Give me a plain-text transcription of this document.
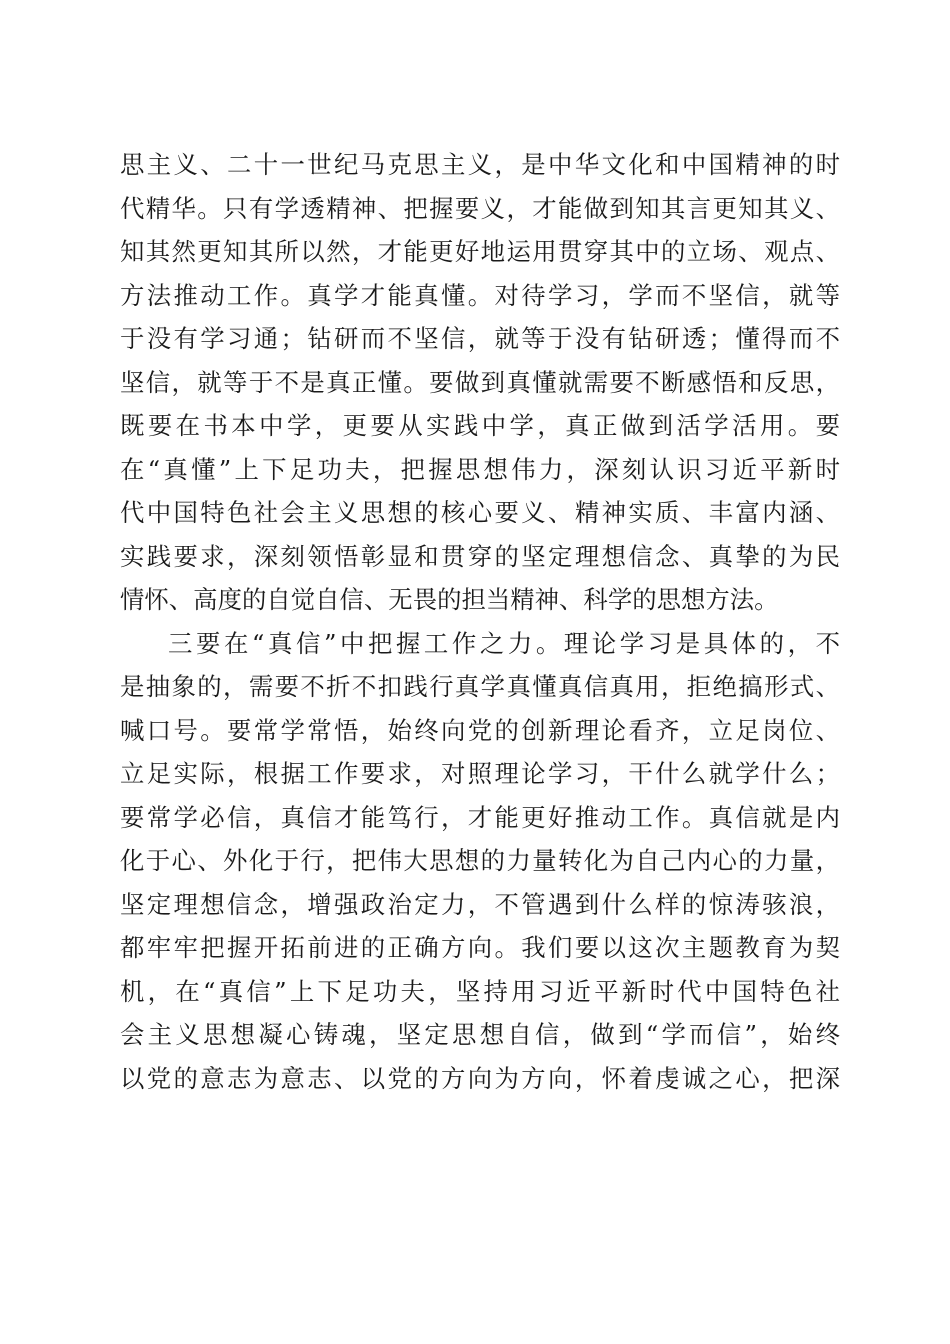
思主义、二十一世纪马克思主义，是中华文化和中国精神的时
代精华。只有学透精神、把握要义，才能做到知其言更知其义、
知其然更知其所以然，才能更好地运用贯穿其中的立场、观点、
方法推动工作。真学才能真懂。对待学习，学而不坚信，就等
于没有学习通；钻研而不坚信，就等于没有钻研透；懂得而不
坚信，就等于不是真正懂。要做到真懂就需要不断感悟和反思，
既要在书本中学，更要从实践中学，真正做到活学活用。要
在“真懂”上下足功夫，把握思想伟力，深刻认识习近平新时
代中国特色社会主义思想的核心要义、精神实质、丰富内涵、
实践要求，深刻领悟彰显和贯穿的坚定理想信念、真挚的为民
情怀、高度的自觉自信、无畏的担当精神、科学的思想方法。
三要在“真信”中把握工作之力。理论学习是具体的，不
是抽象的，需要不折不扣践行真学真懂真信真用，拒绝搞形式、
喊口号。要常学常悟，始终向党的创新理论看齐，立足岗位、
立足实际，根据工作要求，对照理论学习，干什么就学什么；
要常学必信，真信才能笃行，才能更好推动工作。真信就是内
化于心、外化于行，把伟大思想的力量转化为自己内心的力量，
坚定理想信念，增强政治定力，不管遇到什么样的惊涛骇浪，
都牢牢把握开拓前进的正确方向。我们要以这次主题教育为契
机，在“真信”上下足功夫，坚持用习近平新时代中国特色社
会主义思想凝心铸魂，坚定思想自信，做到“学而信”，始终
以党的意志为意志、以党的方向为方向，怀着虔诚之心，把深
